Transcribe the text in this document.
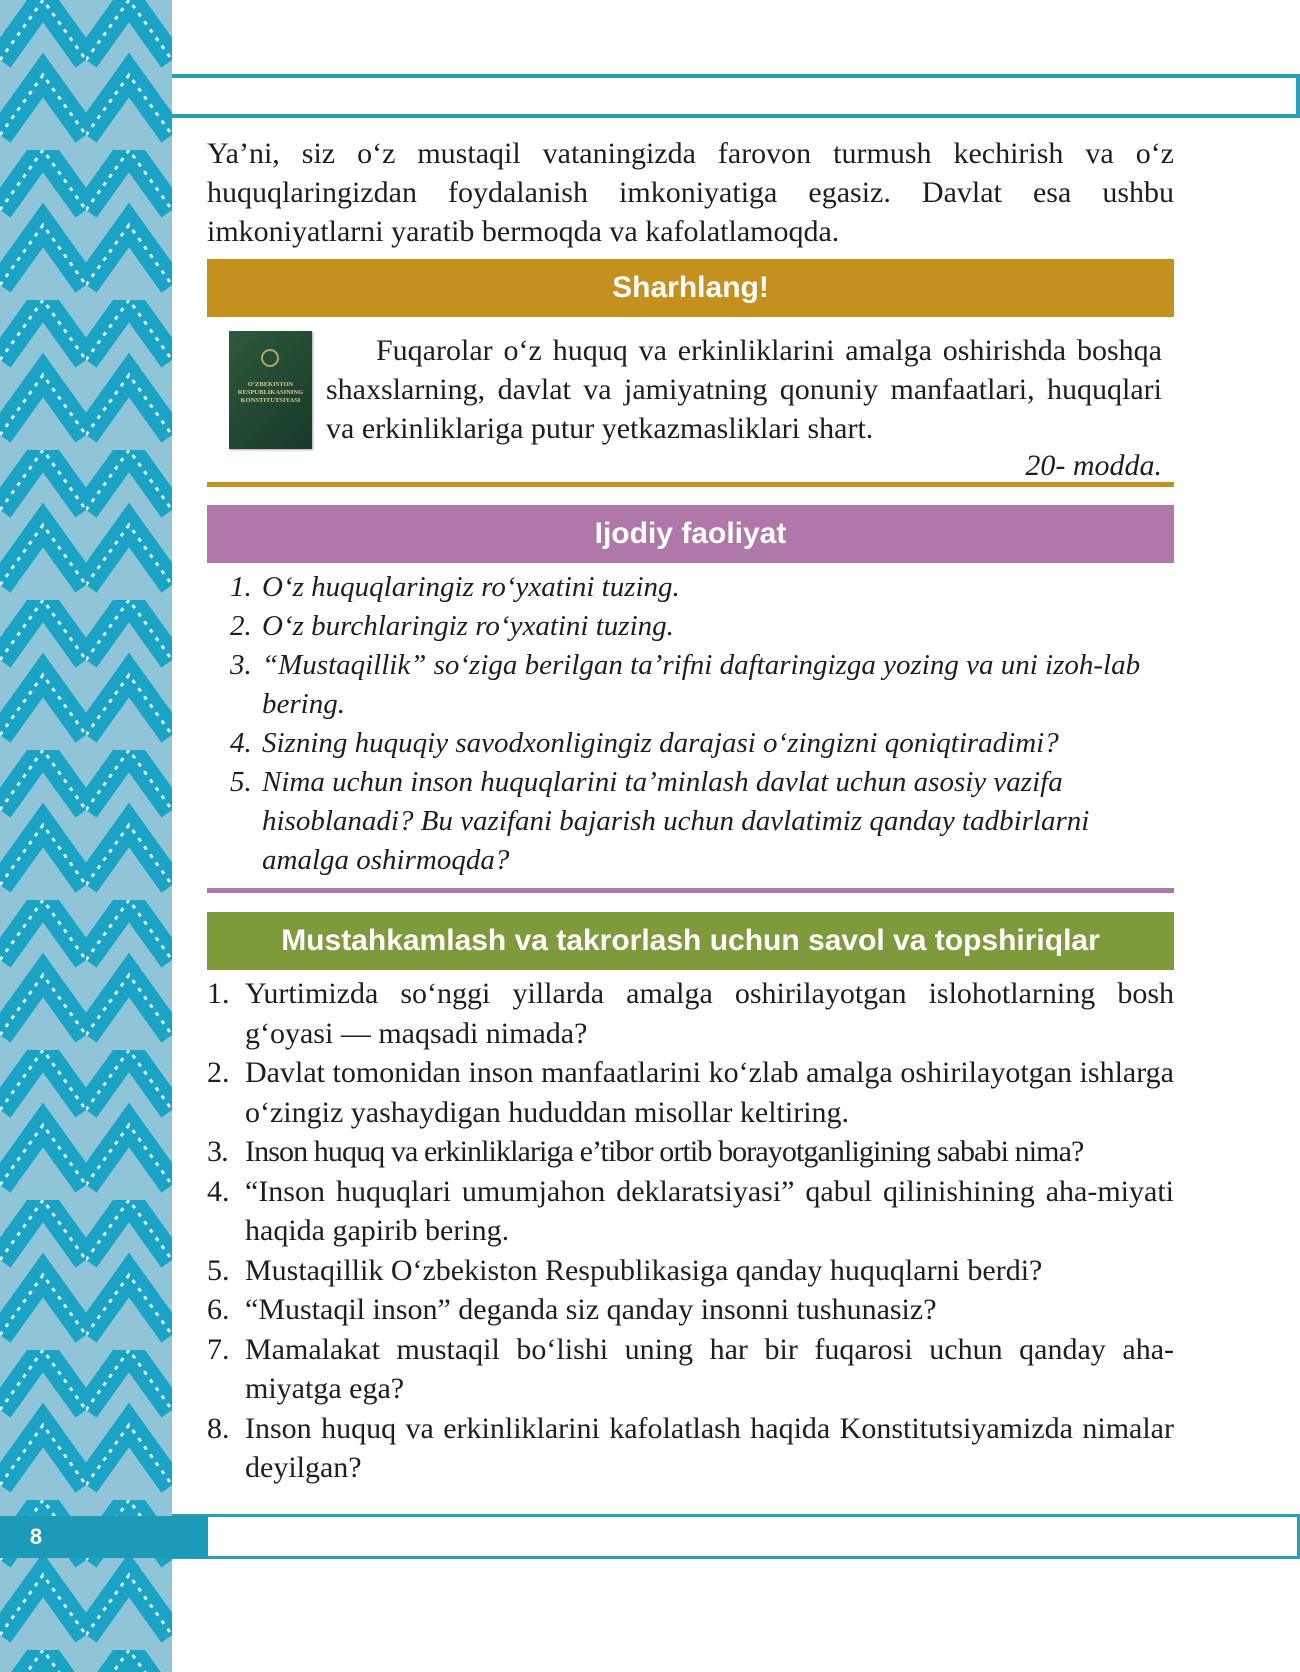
Ya’ni, siz o‘z mustaqil vataningizda farovon turmush kechirish va o‘z huquqlaringizdan foydalanish imkoniyatiga egasiz. Davlat esa ushbu imkoniyatlarni yaratib bermoqda va kafolatlamoqda.

Sharhlang!
O‘ZBEKISTON RESPUBLIKASINING KONSTITUTSIYASI

Fuqarolar o‘z huquq va erkinliklarini amalga oshirishda boshqa shaxslarning, davlat va jamiyatning qonuniy manfaatlari, huquqlari va erkinliklariga putur yetkazmasliklari shart.

20- modda.
Ijodiy faoliyat
1. O‘z huquqlaringiz ro‘yxatini tuzing.
2. O‘z burchlaringiz ro‘yxatini tuzing.
3. “Mustaqillik” so‘ziga berilgan ta’rifni daftaringizga yozing va uni izoh-lab bering.
4. Sizning huquqiy savodxonligingiz darajasi o‘zingizni qoniqtiradimi?
5. Nima uchun inson huquqlarini ta’minlash davlat uchun asosiy vazifa hisoblanadi? Bu vazifani bajarish uchun davlatimiz qanday tadbirlarni amalga oshirmoqda?
Mustahkamlash va takrorlash uchun savol va topshiriqlar
1. Yurtimizda so‘nggi yillarda amalga oshirilayotgan islohotlarning bosh g‘oyasi — maqsadi nimada?
2. Davlat tomonidan inson manfaatlarini ko‘zlab amalga oshirilayotgan ishlarga o‘zingiz yashaydigan hududdan misollar keltiring.
3. Inson huquq va erkinliklariga e’tibor ortib borayotganligining sababi nima?
4. “Inson huquqlari umumjahon deklaratsiyasi” qabul qilinishining aha-miyati haqida gapirib bering.
5. Mustaqillik O‘zbekiston Respublikasiga qanday huquqlarni berdi?
6. “Mustaqil inson” deganda siz qanday insonni tushunasiz?
7. Mamalakat mustaqil bo‘lishi uning har bir fuqarosi uchun qanday aha-miyatga ega?
8. Inson huquq va erkinliklarini kafolatlash haqida Konstitutsiyamizda nimalar deyilgan?
8
